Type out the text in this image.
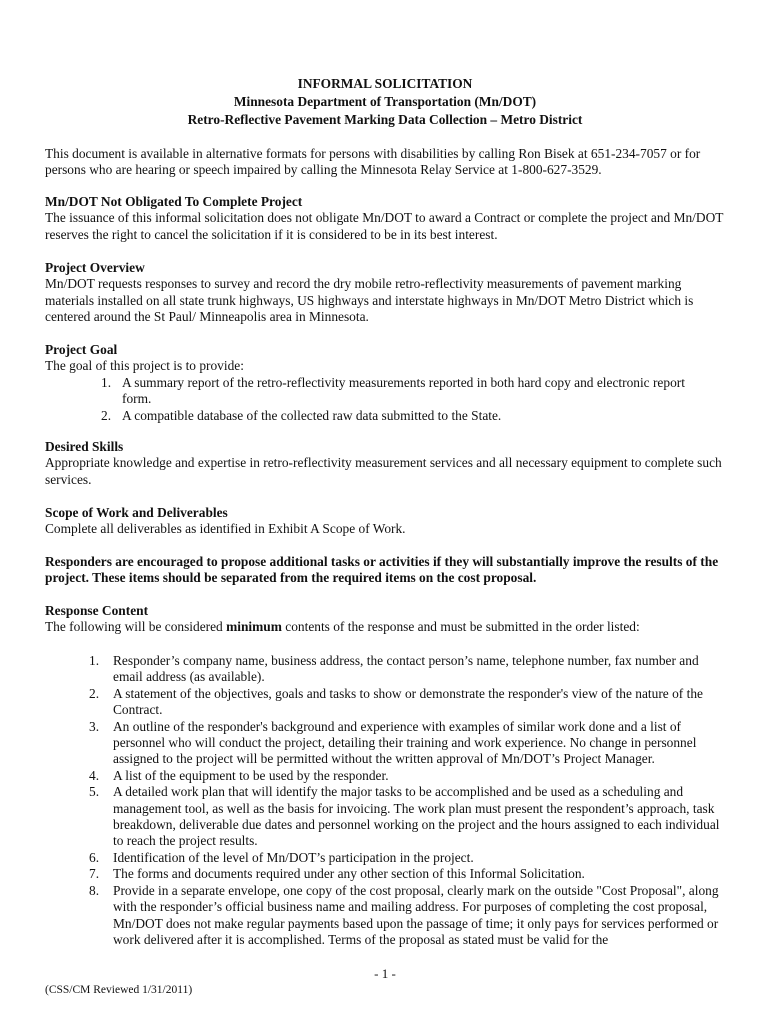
INFORMAL SOLICITATION
Minnesota Department of Transportation (Mn/DOT)
Retro-Reflective Pavement Marking Data Collection – Metro District

This document is available in alternative formats for persons with disabilities by calling Ron Bisek at 651-234-7057 or for persons who are hearing or speech impaired by calling the Minnesota Relay Service at 1-800-627-3529.

Mn/DOT Not Obligated To Complete Project

The issuance of this informal solicitation does not obligate Mn/DOT to award a Contract or complete the project and Mn/DOT reserves the right to cancel the solicitation if it is considered to be in its best interest.

Project Overview

Mn/DOT requests responses to survey and record the dry mobile retro-reflectivity measurements of pavement marking materials installed on all state trunk highways, US highways and interstate highways in Mn/DOT Metro District which is centered around the St Paul/ Minneapolis area in Minnesota.

Project Goal

The goal of this project is to provide:

1. A summary report of the retro-reflectivity measurements reported in both hard copy and electronic report form.
2. A compatible database of the collected raw data submitted to the State.

Desired Skills

Appropriate knowledge and expertise in retro-reflectivity measurement services and all necessary equipment to complete such services.

Scope of Work and Deliverables

Complete all deliverables as identified in Exhibit A Scope of Work.

Responders are encouraged to propose additional tasks or activities if they will substantially improve the results of the project. These items should be separated from the required items on the cost proposal.

Response Content

The following will be considered minimum contents of the response and must be submitted in the order listed:

1. Responder’s company name, business address, the contact person’s name, telephone number, fax number and email address (as available).
2. A statement of the objectives, goals and tasks to show or demonstrate the responder's view of the nature of the Contract.
3. An outline of the responder's background and experience with examples of similar work done and a list of personnel who will conduct the project, detailing their training and work experience. No change in personnel assigned to the project will be permitted without the written approval of Mn/DOT’s Project Manager.
4. A list of the equipment to be used by the responder.
5. A detailed work plan that will identify the major tasks to be accomplished and be used as a scheduling and management tool, as well as the basis for invoicing. The work plan must present the respondent’s approach, task breakdown, deliverable due dates and personnel working on the project and the hours assigned to each individual to reach the project results.
6. Identification of the level of Mn/DOT’s participation in the project.
7. The forms and documents required under any other section of this Informal Solicitation.
8. Provide in a separate envelope, one copy of the cost proposal, clearly mark on the outside "Cost Proposal", along with the responder’s official business name and mailing address. For purposes of completing the cost proposal, Mn/DOT does not make regular payments based upon the passage of time; it only pays for services performed or work delivered after it is accomplished. Terms of the proposal as stated must be valid for the
- 1 -
(CSS/CM Reviewed 1/31/2011)
